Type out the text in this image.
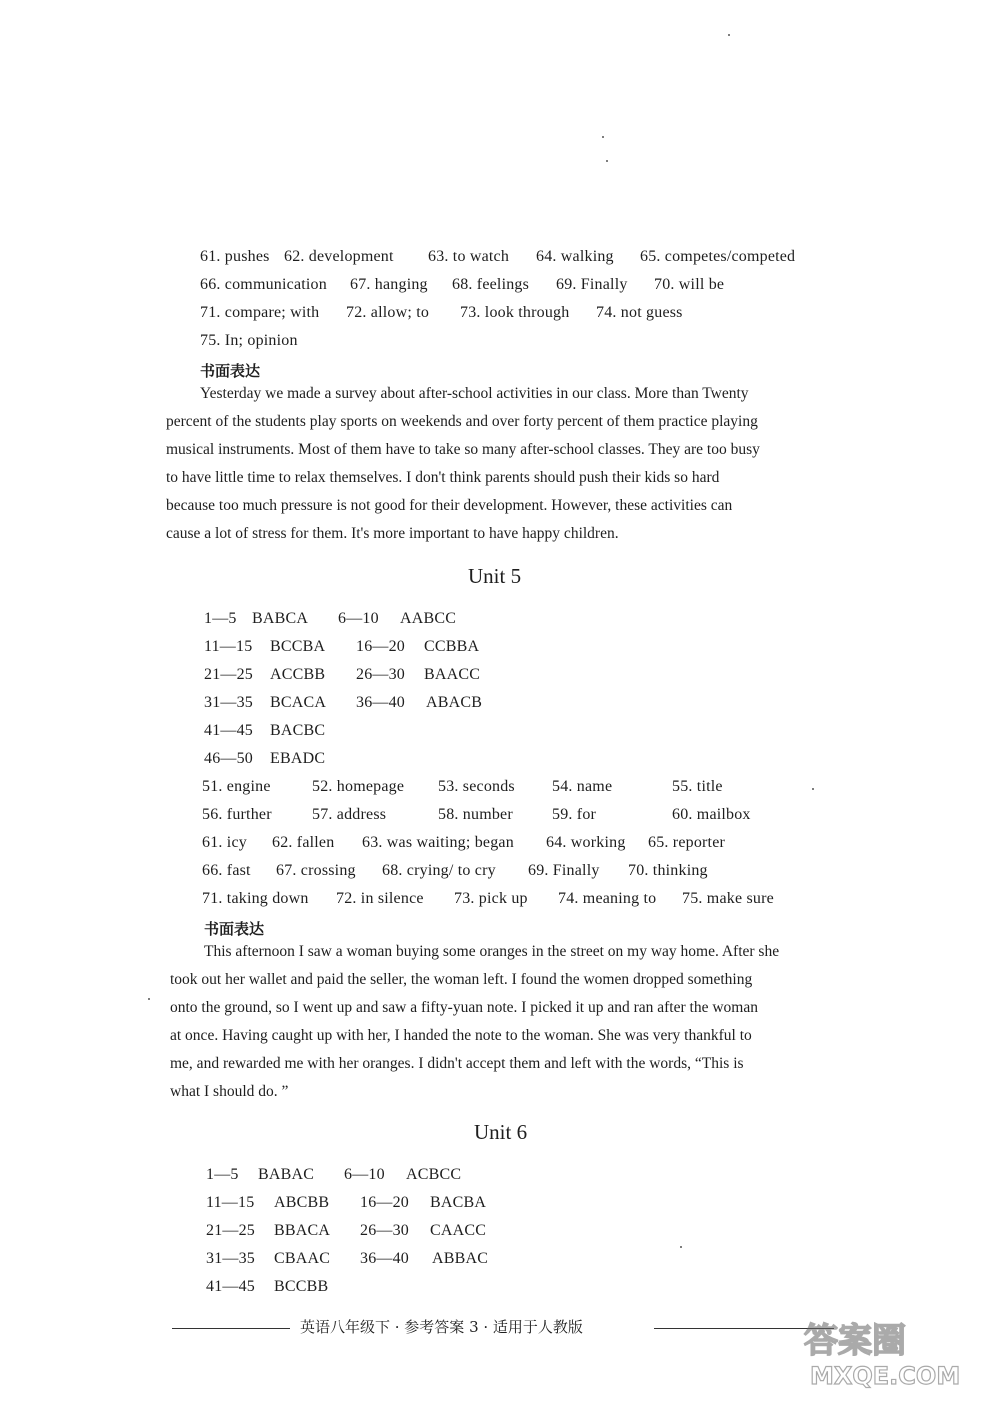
61. pushes 62. development 63. to watch 64. walking 65. competes/competed
66. communication 67. hanging 68. feelings 69. Finally 70. will be
71. compare; with 72. allow; to 73. look through 74. not guess
75. In; opinion
书面表达
Yesterday we made a survey about after-school activities in our class. More than Twenty
percent of the students play sports on weekends and over forty percent of them practice playing
musical instruments. Most of them have to take so many after-school classes. They are too busy
to have little time to relax themselves. I don't think parents should push their kids so hard
because too much pressure is not good for their development. However, these activities can
cause a lot of stress for them. It's more important to have happy children.
Unit 5
1—5 BABCA 6—10 AABCC
11—15 BCCBA 16—20 CCBBA
21—25 ACCBB 26—30 BAACC
31—35 BCACA 36—40 ABACB
41—45 BACBC
46—50 EBADC
51. engine	52. homepage 53. seconds 54. name	55. title
56. further	57. address	58. number 59. for	60. mailbox
61. icy 62. fallen 63. was waiting; began 64. working 65. reporter
66. fast 67. crossing 68. crying/ to cry 69. Finally 70. thinking
71. taking down 72. in silence 73. pick up 74. meaning to 75. make sure
书面表达
This afternoon I saw a woman buying some oranges in the street on my way home. After she
took out her wallet and paid the seller, the woman left. I found the women dropped something
onto the ground, so I went up and saw a fifty-yuan note. I picked it up and ran after the woman
at once. Having caught up with her, I handed the note to the woman. She was very thankful to
me, and rewarded me with her oranges. I didn't accept them and left with the words, “This is
what I should do. ”
Unit 6
1—5 BABAC 6—10 ACBCC
11—15 ABCBB 16—20 BACBA
21—25 BBACA 26—30 CAACC
31—35 CBAAC 36—40 ABBAC
41—45 BCCBB
英语八年级下 · 参考答案 3 · 适用于人教版	答案圈
MXQE.COM
